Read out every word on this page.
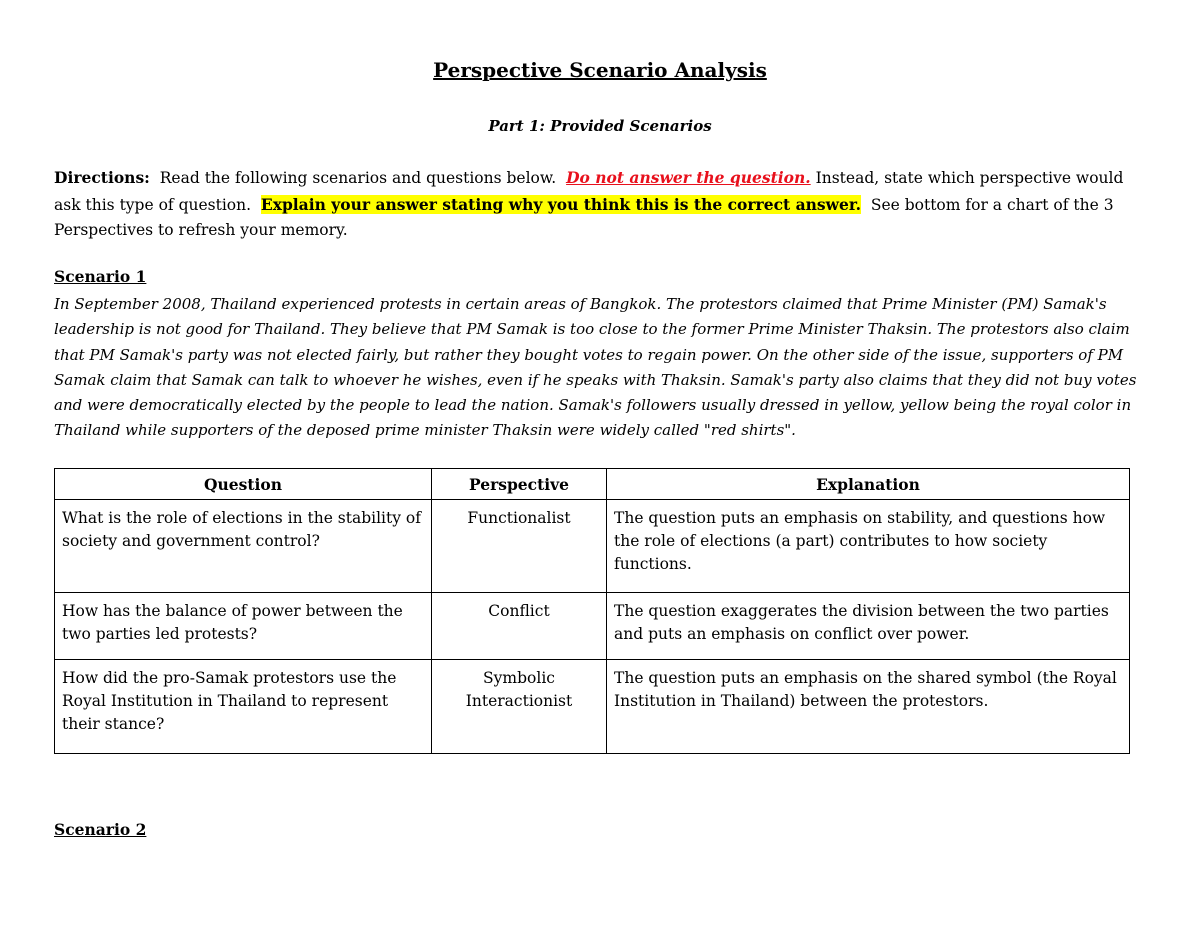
Perspective Scenario Analysis
Part 1: Provided Scenarios
Directions: Read the following scenarios and questions below. Do not answer the question. Instead, state which perspective would ask this type of question. Explain your answer stating why you think this is the correct answer. See bottom for a chart of the 3 Perspectives to refresh your memory.
Scenario 1
In September 2008, Thailand experienced protests in certain areas of Bangkok. The protestors claimed that Prime Minister (PM) Samak's leadership is not good for Thailand. They believe that PM Samak is too close to the former Prime Minister Thaksin. The protestors also claim that PM Samak's party was not elected fairly, but rather they bought votes to regain power. On the other side of the issue, supporters of PM Samak claim that Samak can talk to whoever he wishes, even if he speaks with Thaksin. Samak's party also claims that they did not buy votes and were democratically elected by the people to lead the nation. Samak's followers usually dressed in yellow, yellow being the royal color in Thailand while supporters of the deposed prime minister Thaksin were widely called "red shirts".
Question	Perspective	Explanation
What is the role of elections in the stability of society and government control?	Functionalist	The question puts an emphasis on stability, and questions how the role of elections (a part) contributes to how society functions.
How has the balance of power between the two parties led protests?	Conflict	The question exaggerates the division between the two parties and puts an emphasis on conflict over power.
How did the pro-Samak protestors use the Royal Institution in Thailand to represent their stance?	Symbolic Interactionist	The question puts an emphasis on the shared symbol (the Royal Institution in Thailand) between the protestors.
Scenario 2
